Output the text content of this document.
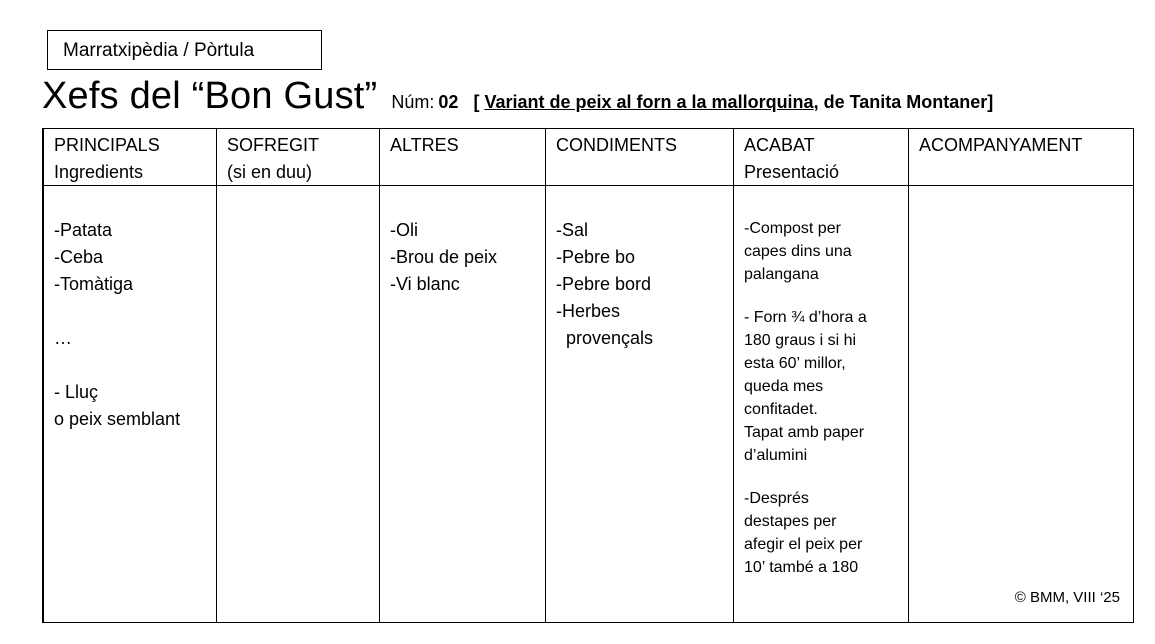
Marratxipèdia / Pòrtula
Xefs del “Bon Gust” Núm: 02 [ Variant de peix al forn a la mallorquina, de Tanita Montaner]
PRINCIPALS
Ingredients
-Patata
-Ceba
-Tomàtiga
…
- Lluç
o peix semblant
SOFREGIT
(si en duu)
ALTRES
-Oli
-Brou de peix
-Vi blanc
CONDIMENTS
-Sal
-Pebre bo
-Pebre bord
-Herbes
provençals
ACABAT
Presentació
-Compost per
capes dins una
palangana
- Forn ¾ d’hora a
180 graus i si hi
esta 60’ millor,
queda mes
confitadet.
Tapat amb paper
d’alumini
-Després
destapes per
afegir el peix per
10’ també a 180
ACOMPANYAMENT
© BMM, VIII ‘25
